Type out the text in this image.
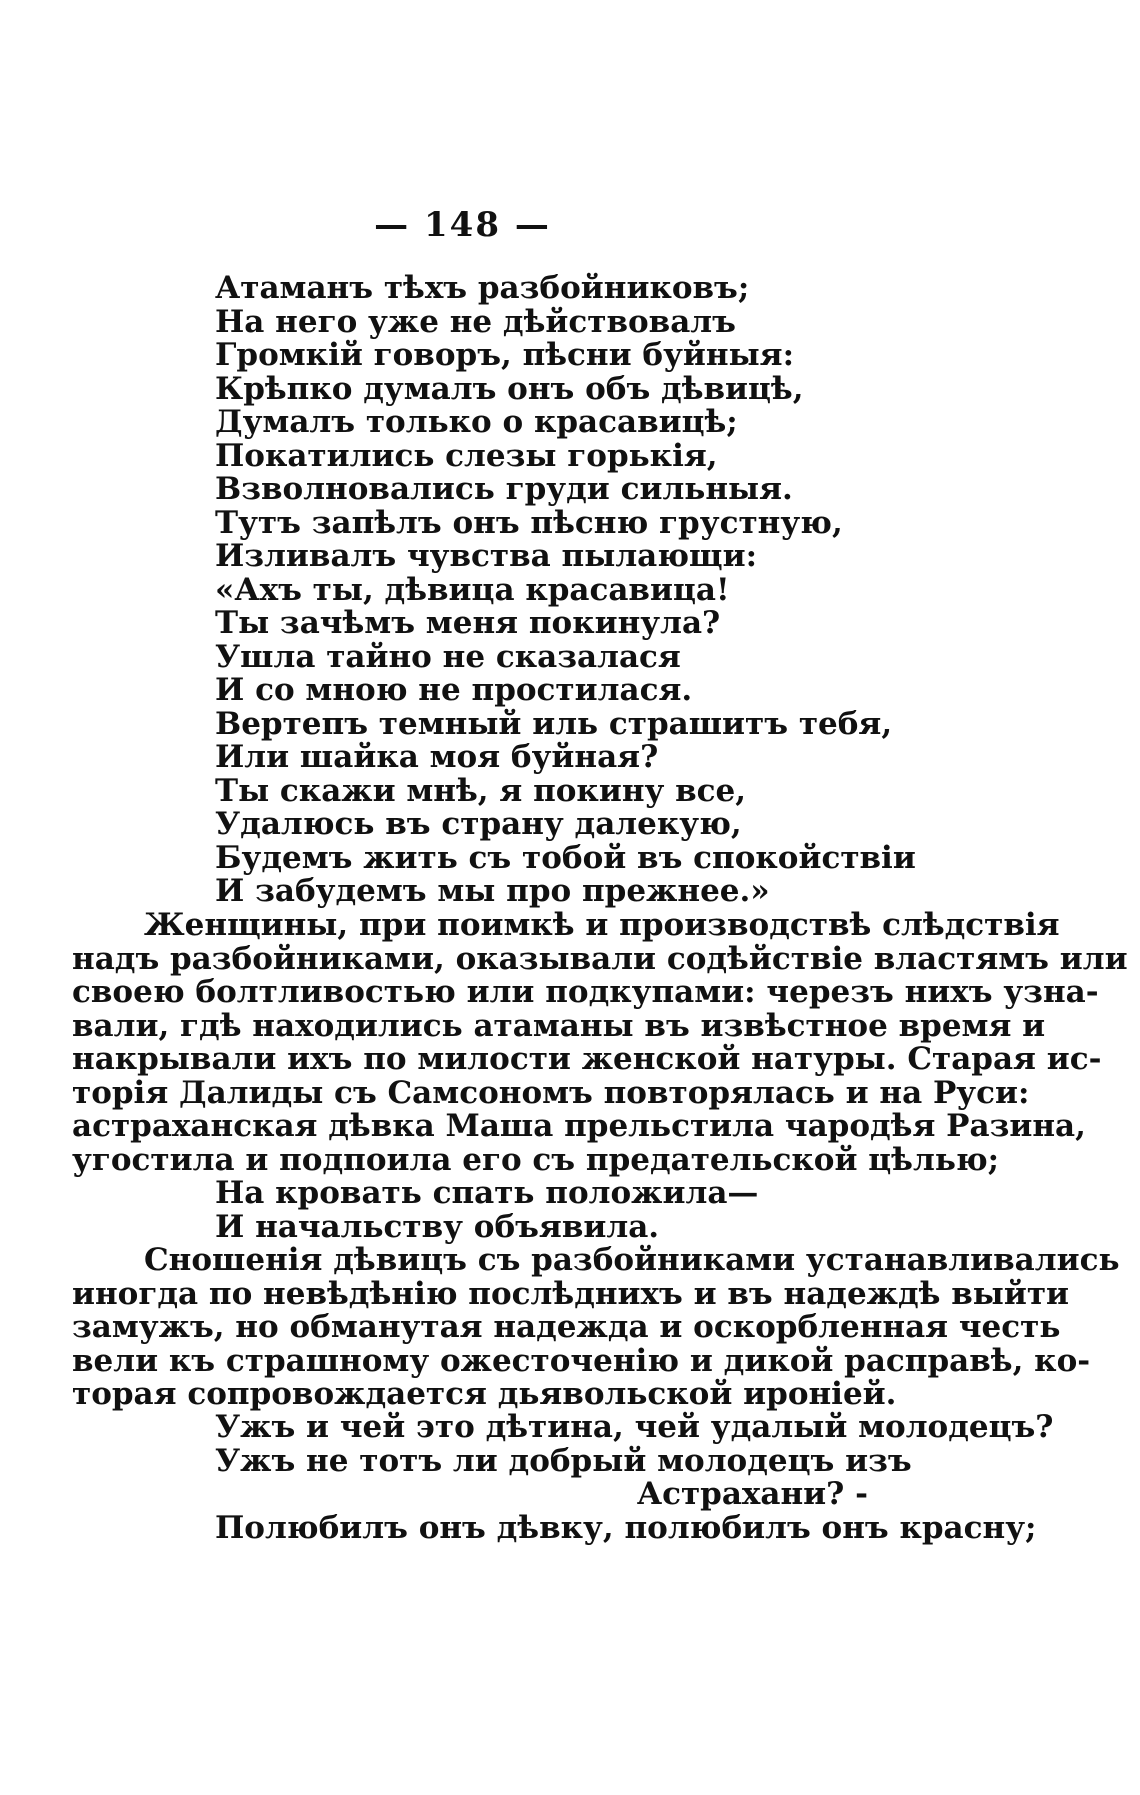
— 148 —
Атаманъ тѣхъ разбойниковъ;
На него уже не дѣйствовалъ
Громкій говоръ, пѣсни буйныя:
Крѣпко думалъ онъ объ дѣвицѣ,
Думалъ только о красавицѣ;
Покатились слезы горькія,
Взволновались груди сильныя.
Тутъ запѣлъ онъ пѣсню грустную,
Изливалъ чувства пылающи:
«Ахъ ты, дѣвица красавица!
Ты зачѣмъ меня покинула?
Ушла тайно не сказалася
И со мною не простилася.
Вертепъ темный иль страшитъ тебя,
Или шайка моя буйная?
Ты скажи мнѣ, я покину все,
Удалюсь въ страну далекую,
Будемъ жить съ тобой въ спокойствіи
И забудемъ мы про прежнее.»
Женщины, при поимкѣ и производствѣ слѣдствія
надъ разбойниками, оказывали содѣйствіе властямъ или
своею болтливостью или подкупами: черезъ нихъ узна-
вали, гдѣ находились атаманы въ извѣстное время и
накрывали ихъ по милости женской натуры. Старая ис-
торія Далиды съ Самсономъ повторялась и на Руси:
астраханская дѣвка Маша прельстила чародѣя Разина,
угостила и подпоила его съ предательской цѣлью;
На кровать спать положила—
И начальству объявила.
Сношенія дѣвицъ съ разбойниками устанавливались
иногда по невѣдѣнію послѣднихъ и въ надеждѣ выйти
замужъ, но обманутая надежда и оскорбленная честь
вели къ страшному ожесточенію и дикой расправѣ, ко-
торая сопровождается дьявольской ироніей.
Ужъ и чей это дѣтина, чей удалый молодецъ?
Ужъ не тотъ ли добрый молодецъ изъ
Астрахани? -
Полюбилъ онъ дѣвку, полюбилъ онъ красну;
